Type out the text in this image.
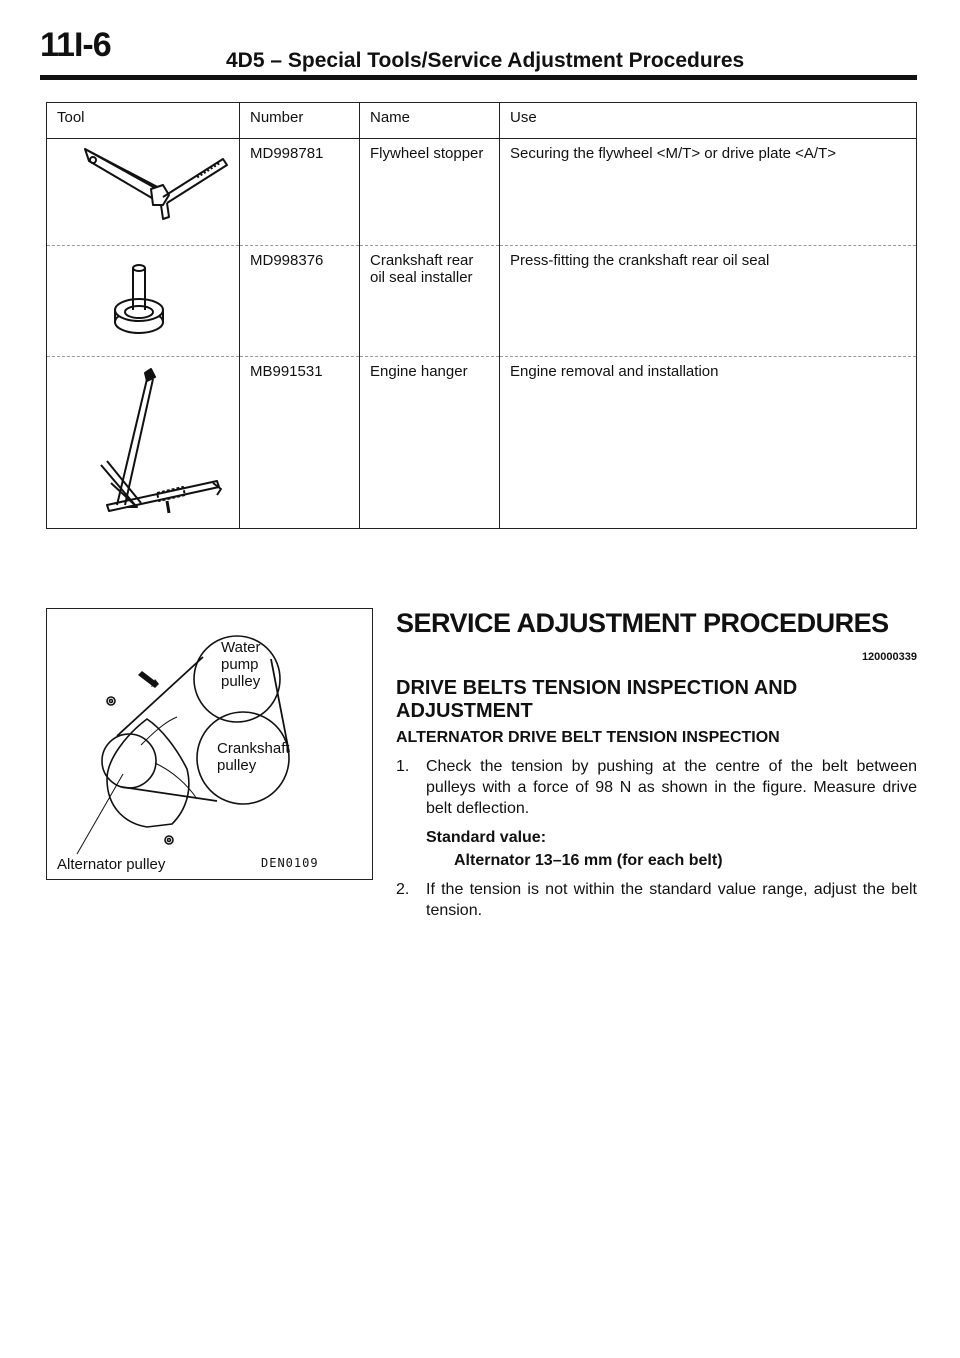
11I-6	4D5 – Special Tools/Service Adjustment Procedures
Tool	Number	Name	Use

	MD998781	Flywheel stopper	Securing the flywheel <M/T> or drive plate <A/T>

	MD998376	Crankshaft rear oil seal installer	Press-fitting the crankshaft rear oil seal

	MB991531	Engine hanger	Engine removal and installation
Water
pump
pulley
Crankshaft
pulley
Alternator pulley	DEN0109
SERVICE ADJUSTMENT PROCEDURES
120000339
DRIVE BELTS TENSION INSPECTION AND ADJUSTMENT
ALTERNATOR DRIVE BELT TENSION INSPECTION
1.	Check the tension by pushing at the centre of the belt between pulleys with a force of 98 N as shown in the figure. Measure drive belt deflection.
Standard value:
Alternator 13–16 mm (for each belt)
2.	If the tension is not within the standard value range, adjust the belt tension.
